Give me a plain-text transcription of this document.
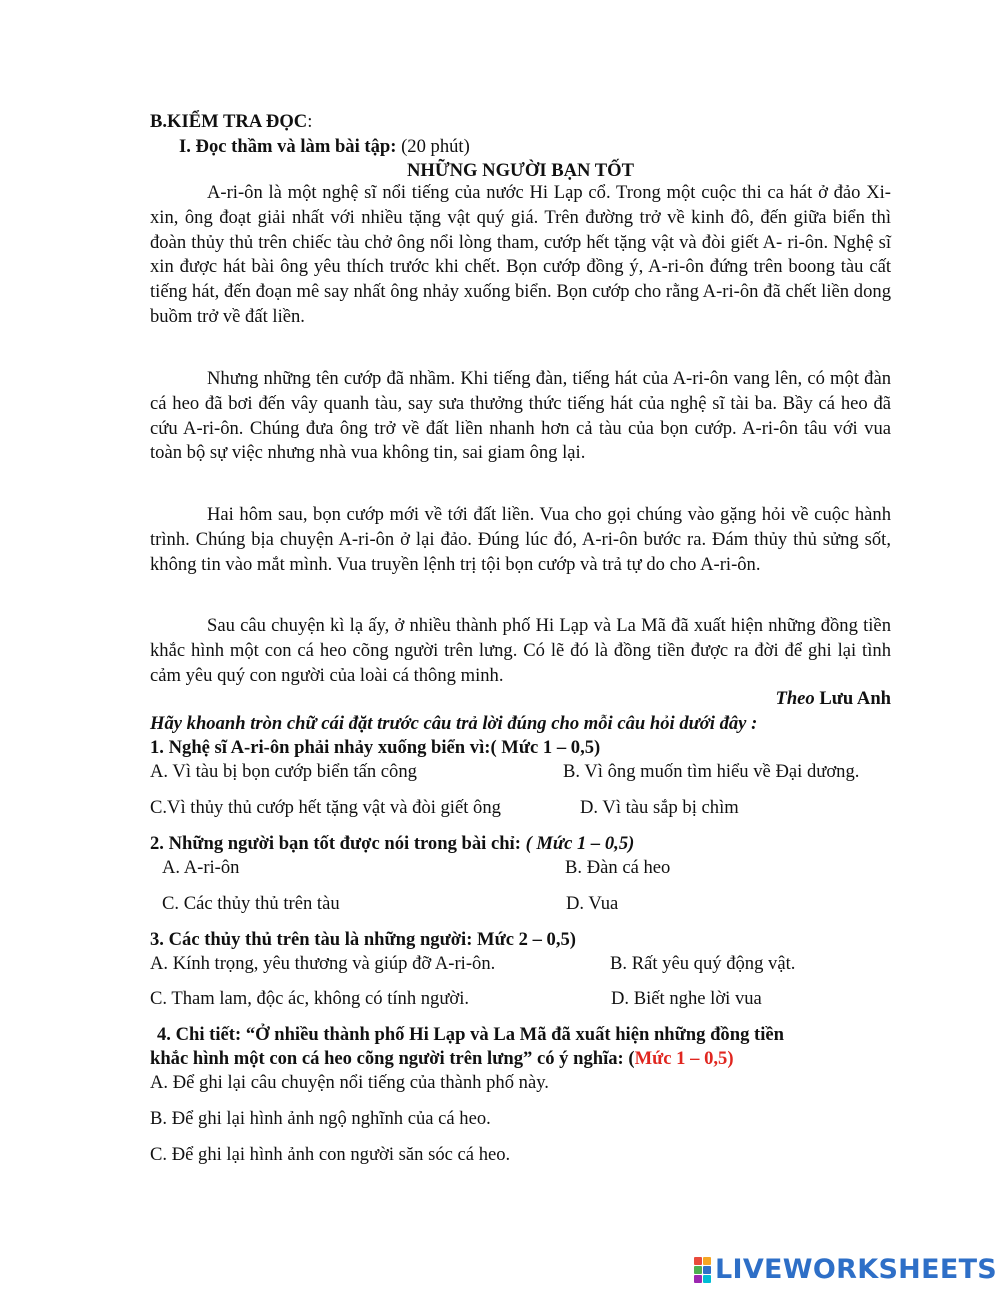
B.KIỂM TRA ĐỌC:
I. Đọc thầm và làm bài tập: (20 phút)
NHỮNG NGƯỜI BẠN TỐT
A-ri-ôn là một nghệ sĩ nổi tiếng của nước Hi Lạp cổ. Trong một cuộc thi ca hát ở đảo Xi- xin, ông đoạt giải nhất với nhiều tặng vật quý giá. Trên đường trở về kinh đô, đến giữa biển thì đoàn thủy thủ trên chiếc tàu chở ông nổi lòng tham, cướp hết tặng vật và đòi giết A- ri-ôn. Nghệ sĩ xin được hát bài ông yêu thích trước khi chết. Bọn cướp đồng ý, A-ri-ôn đứng trên boong tàu cất tiếng hát, đến đoạn mê say nhất ông nhảy xuống biển. Bọn cướp cho rằng A-ri-ôn đã chết liền dong buồm trở về đất liền.
Nhưng những tên cướp đã nhầm. Khi tiếng đàn, tiếng hát của A-ri-ôn vang lên, có một đàn cá heo đã bơi đến vây quanh tàu, say sưa thưởng thức tiếng hát của nghệ sĩ tài ba. Bầy cá heo đã cứu A-ri-ôn. Chúng đưa ông trở về đất liền nhanh hơn cả tàu của bọn cướp. A-ri-ôn tâu với vua toàn bộ sự việc nhưng nhà vua không tin, sai giam ông lại.
Hai hôm sau, bọn cướp mới về tới đất liền. Vua cho gọi chúng vào gặng hỏi về cuộc hành trình. Chúng bịa chuyện A-ri-ôn ở lại đảo. Đúng lúc đó, A-ri-ôn bước ra. Đám thủy thủ sửng sốt, không tin vào mắt mình. Vua truyền lệnh trị tội bọn cướp và trả tự do cho A-ri-ôn.
Sau câu chuyện kì lạ ấy, ở nhiều thành phố Hi Lạp và La Mã đã xuất hiện những đồng tiền khắc hình một con cá heo cõng người trên lưng. Có lẽ đó là đồng tiền được ra đời để ghi lại tình cảm yêu quý con người của loài cá thông minh.
Theo Lưu Anh
Hãy khoanh tròn chữ cái đặt trước câu trả lời đúng cho mỗi câu hỏi dưới đây :
1. Nghệ sĩ A-ri-ôn phải nhảy xuống biển vì:( Mức 1 – 0,5)
A. Vì tàu bị bọn cướp biển tấn công	B. Vì ông muốn tìm hiểu về Đại dương.
C.Vì thủy thủ cướp hết tặng vật và đòi giết ông	D. Vì tàu sắp bị chìm
2. Những người bạn tốt được nói trong bài chỉ: ( Mức 1 – 0,5)
A. A-ri-ôn	B. Đàn cá heo
C. Các thủy thủ trên tàu	D. Vua
3. Các thủy thủ trên tàu là những người: Mức 2 – 0,5)
A. Kính trọng, yêu thương và giúp đỡ A-ri-ôn.	B. Rất yêu quý động vật.
C. Tham lam, độc ác, không có tính người.	D. Biết nghe lời vua
4. Chi tiết: “Ở nhiều thành phố Hi Lạp và La Mã đã xuất hiện những đồng tiền
khắc hình một con cá heo cõng người trên lưng” có ý nghĩa: (Mức 1 – 0,5)
A. Để ghi lại câu chuyện nổi tiếng của thành phố này.
B. Để ghi lại hình ảnh ngộ nghĩnh của cá heo.
C. Để ghi lại hình ảnh con người săn sóc cá heo.
LIVEWORKSHEETS
